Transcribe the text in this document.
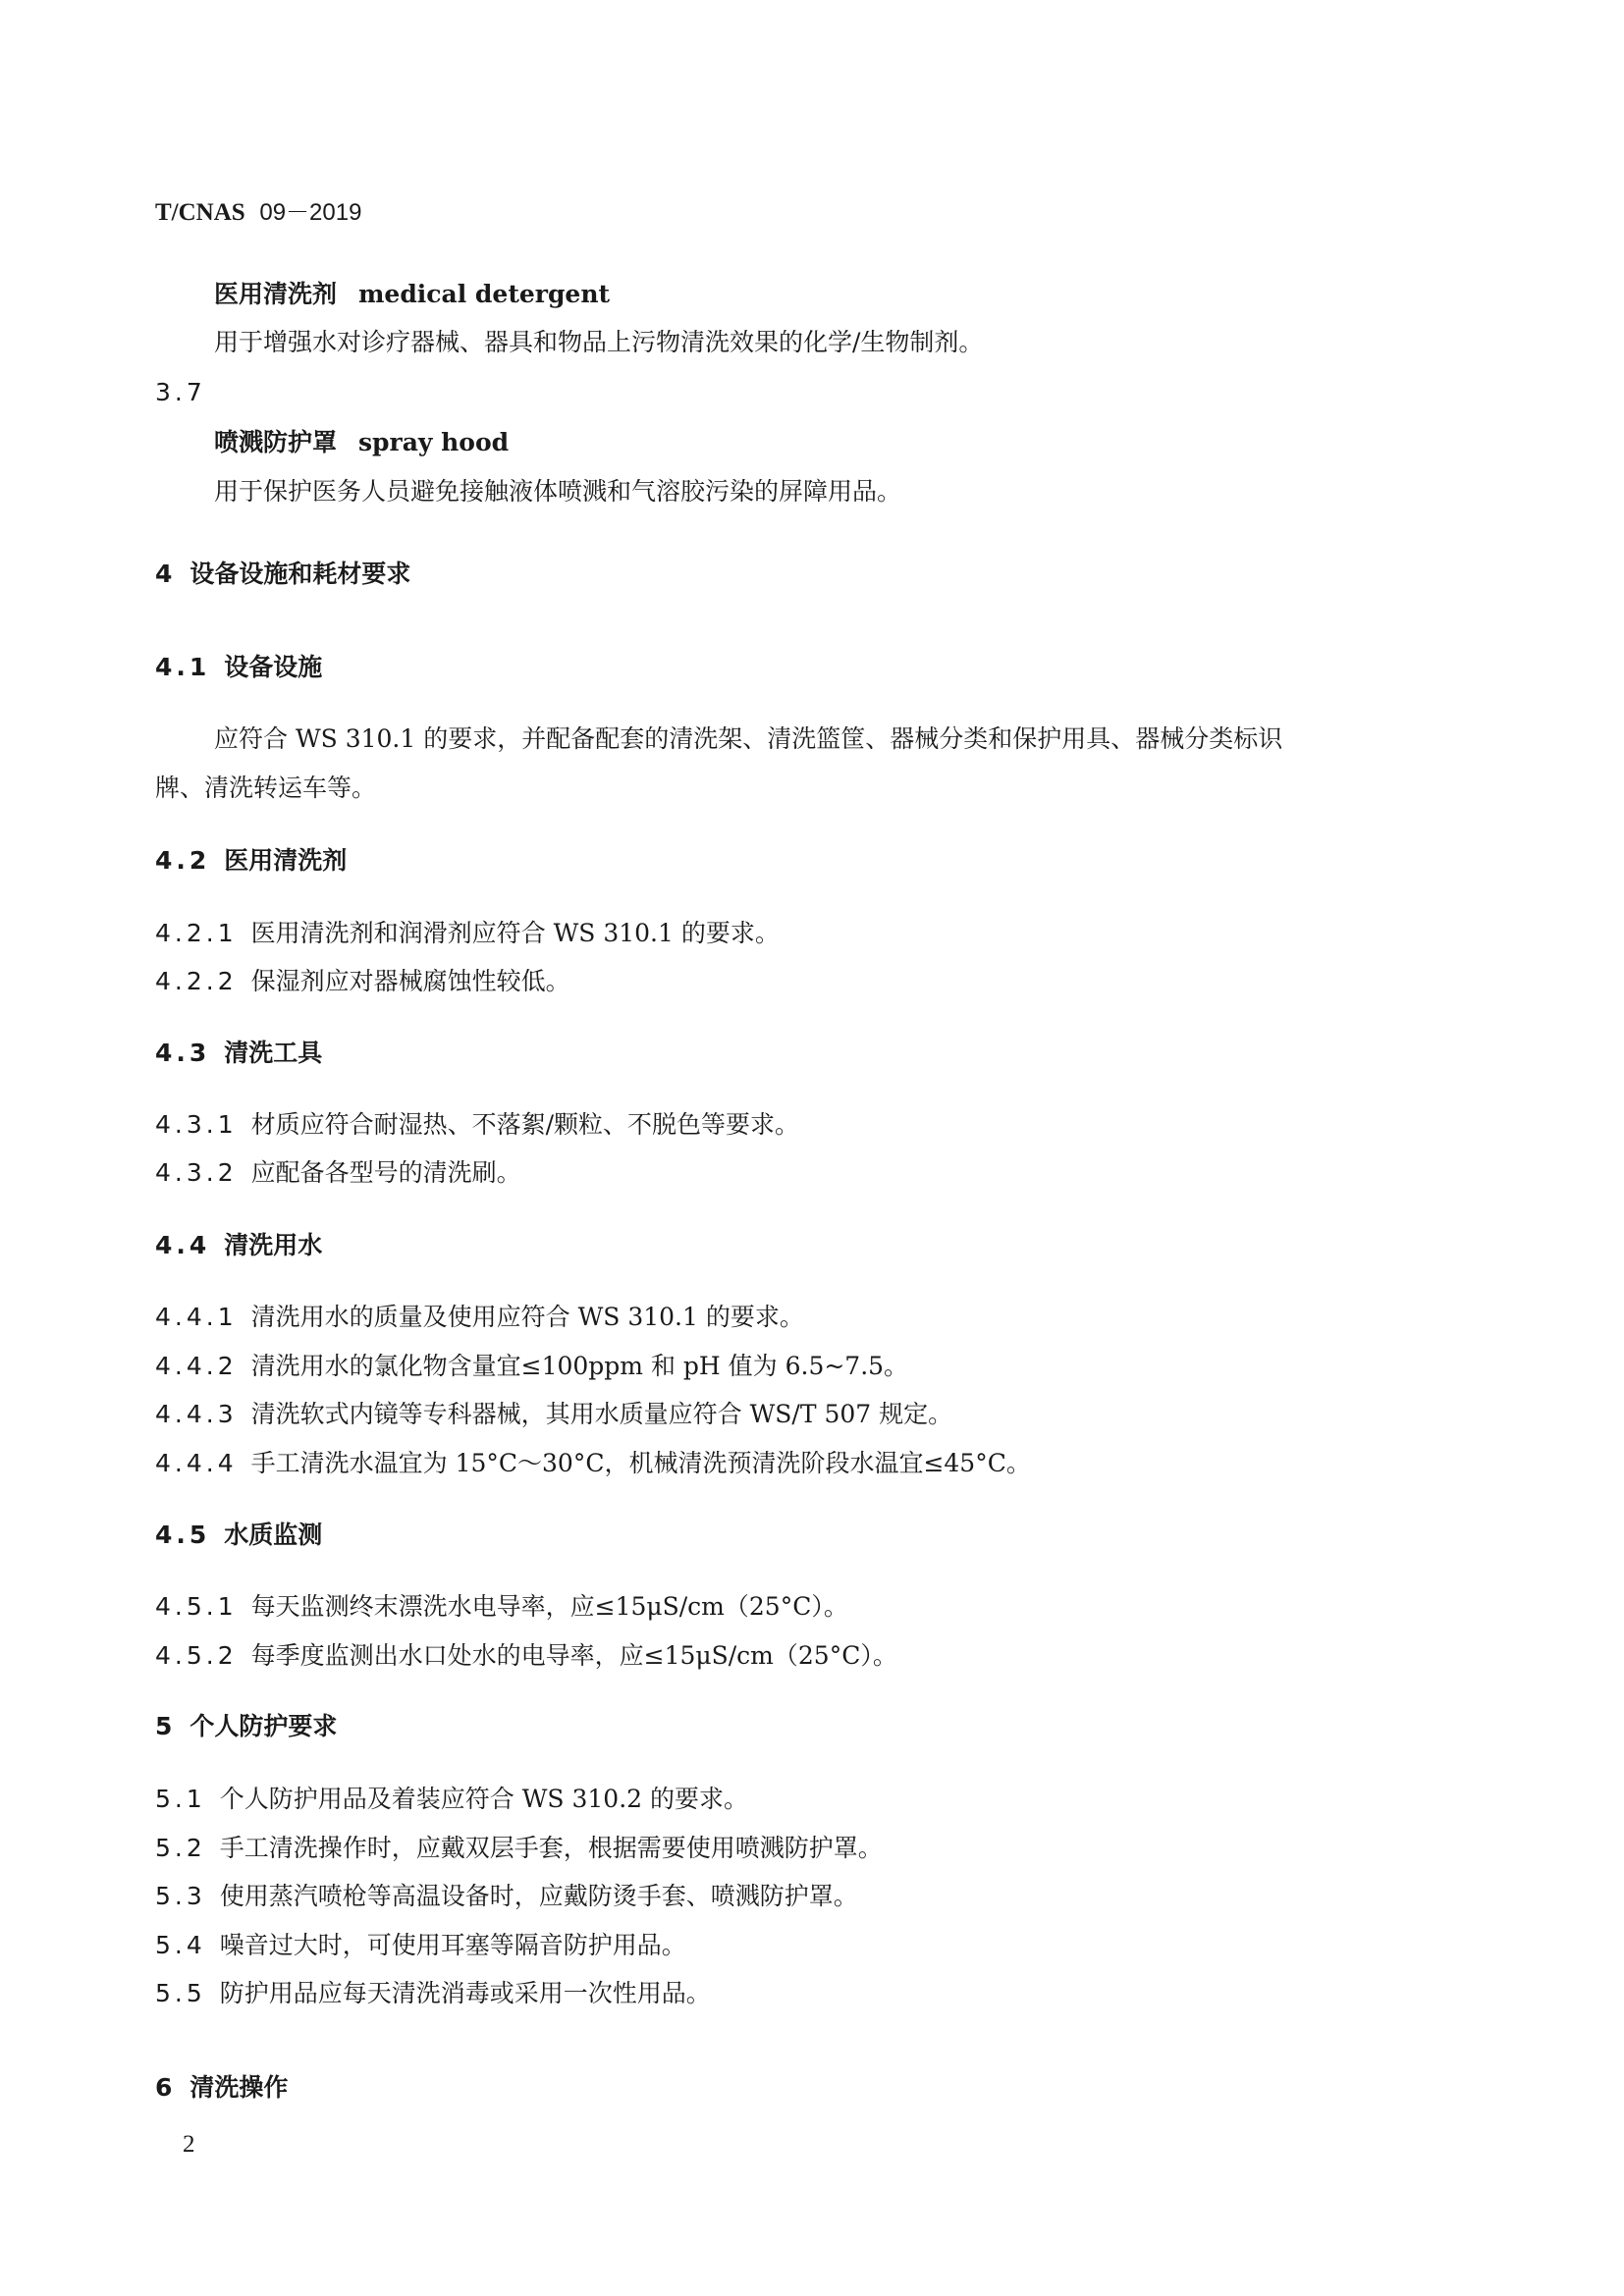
T/CNAS 09－2019
医用清洗剂 medical detergent
用于增强水对诊疗器械、器具和物品上污物清洗效果的化学/生物制剂。
3.7
喷溅防护罩 spray hood
用于保护医务人员避免接触液体喷溅和气溶胶污染的屏障用品。
4 设备设施和耗材要求
4.1 设备设施
应符合 WS 310.1 的要求，并配备配套的清洗架、清洗篮筐、器械分类和保护用具、器械分类标识
牌、清洗转运车等。
4.2 医用清洗剂
4.2.1 医用清洗剂和润滑剂应符合 WS 310.1 的要求。
4.2.2 保湿剂应对器械腐蚀性较低。
4.3 清洗工具
4.3.1 材质应符合耐湿热、不落絮/颗粒、不脱色等要求。
4.3.2 应配备各型号的清洗刷。
4.4 清洗用水
4.4.1 清洗用水的质量及使用应符合 WS 310.1 的要求。
4.4.2 清洗用水的氯化物含量宜≤100ppm 和 pH 值为 6.5~7.5。
4.4.3 清洗软式内镜等专科器械，其用水质量应符合 WS/T 507 规定。
4.4.4 手工清洗水温宜为 15°C～30°C，机械清洗预清洗阶段水温宜≤45°C。
4.5 水质监测
4.5.1 每天监测终末漂洗水电导率，应≤15μS/cm（25°C）。
4.5.2 每季度监测出水口处水的电导率，应≤15μS/cm（25°C）。
5 个人防护要求
5.1 个人防护用品及着装应符合 WS 310.2 的要求。
5.2 手工清洗操作时，应戴双层手套，根据需要使用喷溅防护罩。
5.3 使用蒸汽喷枪等高温设备时，应戴防烫手套、喷溅防护罩。
5.4 噪音过大时，可使用耳塞等隔音防护用品。
5.5 防护用品应每天清洗消毒或采用一次性用品。
6 清洗操作
2
